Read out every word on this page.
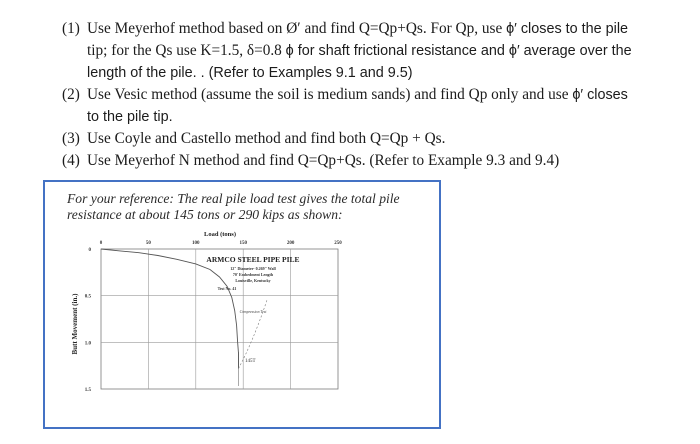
(1) Use Meyerhof method based on Ø′ and find Q=Qp+Qs. For Qp, use ϕ′ closes to the pile
tip; for the Qs use K=1.5, δ=0.8 ϕ for shaft frictional resistance and ϕ′ average over the
length of the pile. . (Refer to Examples 9.1 and 9.5)
(2) Use Vesic method (assume the soil is medium sands) and find Qp only and use ϕ′ closes
to the pile tip.
(3) Use Coyle and Castello method and find both Q=Qp + Qs.
(4) Use Meyerhof N method and find Q=Qp+Qs. (Refer to Example 9.3 and 9.4)
For your reference: The real pile load test gives the total pile
resistance at about 145 tons or 290 kips as shown:
0	50	100	150	200	250
0
0.5
1.0
1.5
Load (tons)
Butt Movement (in.)
ARMCO STEEL PIPE PILE
12" Diameter- 0.269" Wall
70' Embedment Length
Louisville, Kentucky
Test No. 41
Compression Test
145T
